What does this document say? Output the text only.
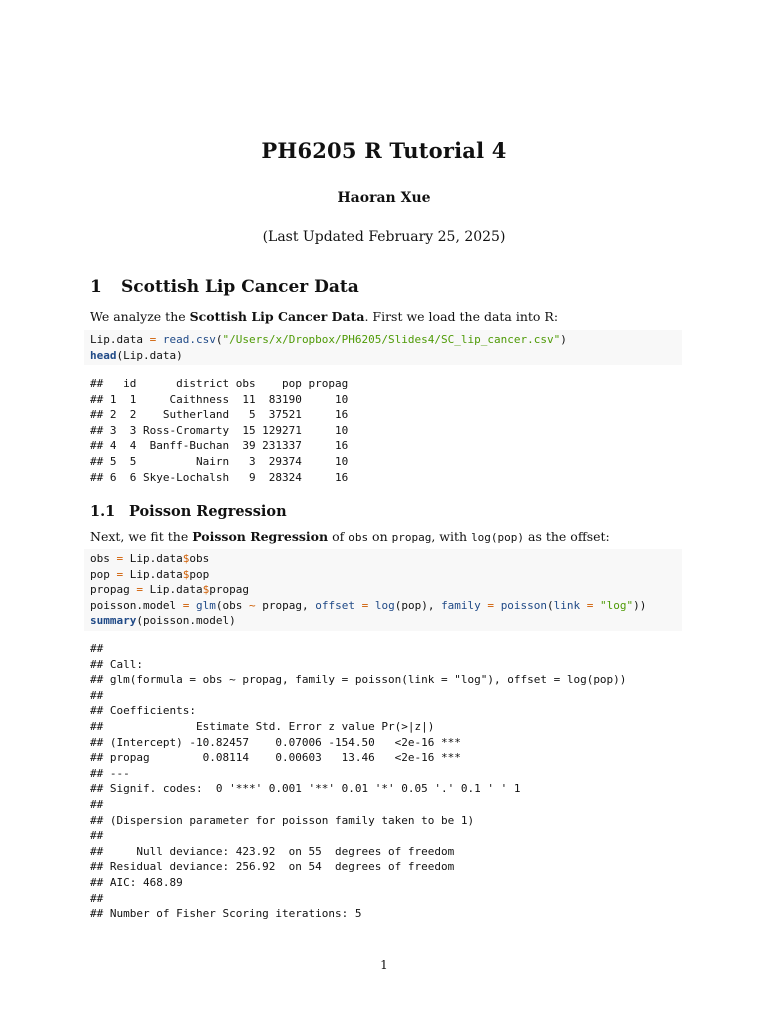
PH6205 R Tutorial 4
Haoran Xue
(Last Updated February 25, 2025)
1 Scottish Lip Cancer Data
We analyze the Scottish Lip Cancer Data. First we load the data into R:
Lip.data = read.csv("/Users/x/Dropbox/PH6205/Slides4/SC_lip_cancer.csv")
head(Lip.data)
##   id      district obs    pop propag
## 1  1     Caithness  11  83190     10
## 2  2    Sutherland   5  37521     16
## 3  3 Ross-Cromarty  15 129271     10
## 4  4  Banff-Buchan  39 231337     16
## 5  5         Nairn   3  29374     10
## 6  6 Skye-Lochalsh   9  28324     16
1.1 Poisson Regression
Next, we fit the Poisson Regression of obs on propag, with log(pop) as the offset:
obs = Lip.data$obs
pop = Lip.data$pop
propag = Lip.data$propag
poisson.model = glm(obs ~ propag, offset = log(pop), family = poisson(link = "log"))
summary(poisson.model)
##
## Call:
## glm(formula = obs ~ propag, family = poisson(link = "log"), offset = log(pop))
##
## Coefficients:
##              Estimate Std. Error z value Pr(>|z|)
## (Intercept) -10.82457    0.07006 -154.50   <2e-16 ***
## propag        0.08114    0.00603   13.46   <2e-16 ***
## ---
## Signif. codes:  0 '***' 0.001 '**' 0.01 '*' 0.05 '.' 0.1 ' ' 1
##
## (Dispersion parameter for poisson family taken to be 1)
##
##     Null deviance: 423.92  on 55  degrees of freedom
## Residual deviance: 256.92  on 54  degrees of freedom
## AIC: 468.89
##
## Number of Fisher Scoring iterations: 5
1
